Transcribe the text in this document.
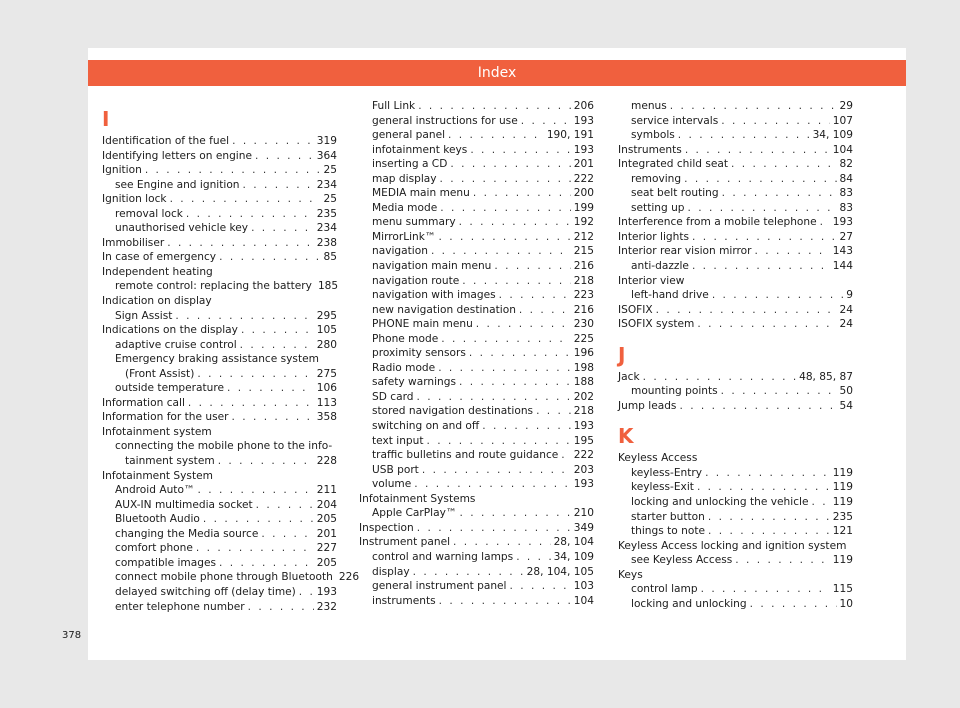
Index
I
Identification of the fuel . . .	319
Identifying letters on engine . . .	364
Ignition . . .	25
see Engine and ignition . . .	234
Ignition lock . . .	25
removal lock . . .	235
unauthorised vehicle key . . .	234
Immobiliser . . .	238
In case of emergency . . .	85
Independent heating
remote control: replacing the battery 185
Indication on display
Sign Assist . . .	295
Indications on the display . . .	105
adaptive cruise control . . .	280
Emergency braking assistance system
(Front Assist) . . .	275
outside temperature . . .	106
Information call . . .	113
Information for the user . . .	358
Infotainment system
connecting the mobile phone to the info-
tainment system . . .	228
Infotainment System
Android Auto™ . . .	211
AUX-IN multimedia socket . . .	204
Bluetooth Audio . . .	205
changing the Media source . . .	201
comfort phone . . .	227
compatible images . . .	205
connect mobile phone through Bluetooth 226
delayed switching off (delay time) . . . 193
enter telephone number . . .	232
Full Link . . .	206
general instructions for use . . .	193
general panel . . .	190, 191
infotainment keys . . .	193
inserting a CD . . .	201
map display . . .	222
MEDIA main menu . . .	200
Media mode . . .	199
menu summary . . .	192
MirrorLink™ . . .	212
navigation . . .	215
navigation main menu . . .	216
navigation route . . .	218
navigation with images . . .	223
new navigation destination . . .	216
PHONE main menu . . .	230
Phone mode . . .	225
proximity sensors . . .	196
Radio mode . . .	198
safety warnings . . .	188
SD card . . .	202
stored navigation destinations . . .	218
switching on and off . . .	193
text input . . .	195
traffic bulletins and route guidance . . . 222
USB port . . .	203
volume . . .	193
Infotainment Systems
Apple CarPlay™ . . .	210
Inspection . . .	349
Instrument panel . . .	28, 104
control and warning lamps . . .	34, 109
display . . .	28, 104, 105
general instrument panel . . .	103
instruments . . .	104
menus . . .	29
service intervals . . .	107
symbols . . .	34, 109
Instruments . . .	104
Integrated child seat . . .	82
removing . . .	84
seat belt routing . . .	83
setting up . . .	83
Interference from a mobile telephone . . . 193
Interior lights . . .	27
Interior rear vision mirror . . .	143
anti-dazzle . . .	144
Interior view
left-hand drive . . .	9
ISOFIX . . .	24
ISOFIX system . . .	24
J
Jack . . .	48, 85, 87
mounting points . . .	50
Jump leads . . .	54
K
Keyless Access
keyless-Entry . . .	119
keyless-Exit . . .	119
locking and unlocking the vehicle . . . 119
starter button . . .	235
things to note . . .	121
Keyless Access locking and ignition system
see Keyless Access . . .	119
Keys
control lamp . . .	115
locking and unlocking . . .	10
378
